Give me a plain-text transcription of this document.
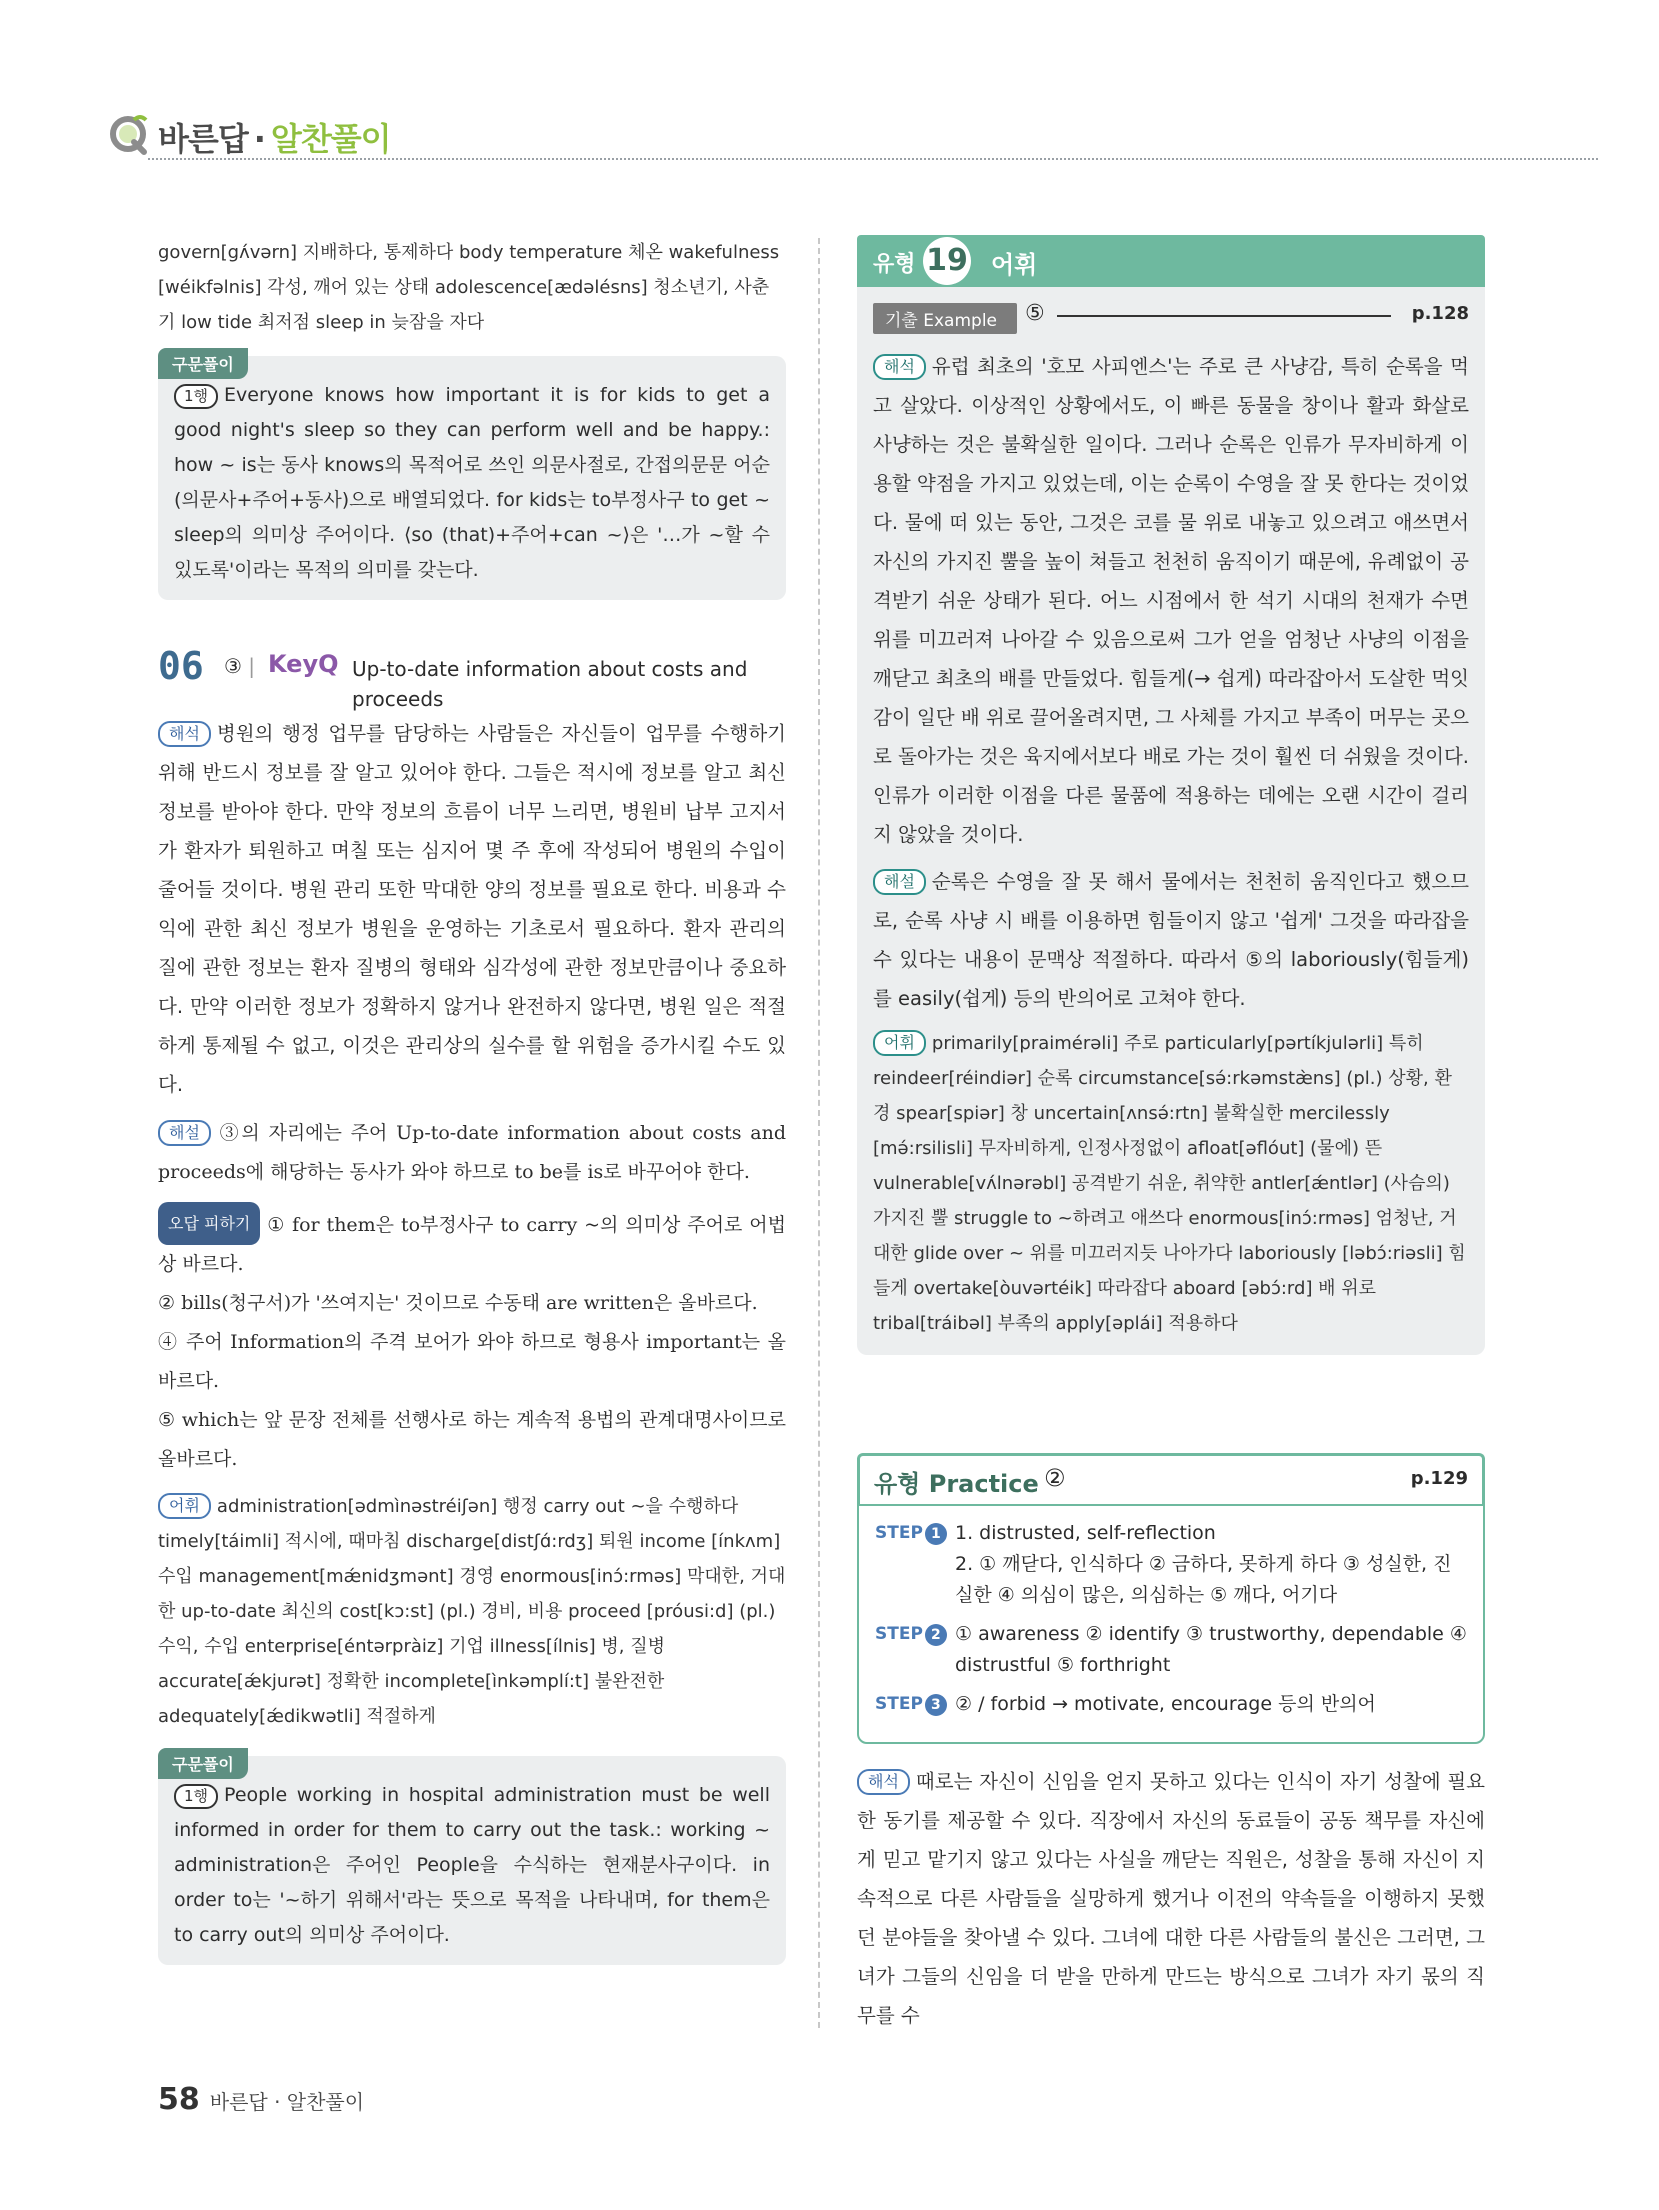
바른답 · 알찬풀이

govern[gʌ́vərn] 지배하다, 통제하다 body temperature 체온 wakefulness [wéikfəlnis] 각성, 깨어 있는 상태 adolescence[ӕdəlésns] 청소년기, 사춘기 low tide 최저점 sleep in 늦잠을 자다

구문풀이

1행 Everyone knows how important it is for kids to get a good night's sleep so they can perform well and be happy.: how ~ is는 동사 knows의 목적어로 쓰인 의문사절로, 간접의문문 어순(의문사+주어+동사)으로 배열되었다. for kids는 to부정사구 to get ~ sleep의 의미상 주어이다. ⟨so (that)+주어+can ~⟩은 '…가 ~할 수 있도록'이라는 목적의 의미를 갖는다.

06 ③ | KeyQ Up-to-date information about costs and proceeds

해석 병원의 행정 업무를 담당하는 사람들은 자신들이 업무를 수행하기 위해 반드시 정보를 잘 알고 있어야 한다. 그들은 적시에 정보를 알고 최신 정보를 받아야 한다. 만약 정보의 흐름이 너무 느리면, 병원비 납부 고지서가 환자가 퇴원하고 며칠 또는 심지어 몇 주 후에 작성되어 병원의 수입이 줄어들 것이다. 병원 관리 또한 막대한 양의 정보를 필요로 한다. 비용과 수익에 관한 최신 정보가 병원을 운영하는 기초로서 필요하다. 환자 관리의 질에 관한 정보는 환자 질병의 형태와 심각성에 관한 정보만큼이나 중요하다. 만약 이러한 정보가 정확하지 않거나 완전하지 않다면, 병원 일은 적절하게 통제될 수 없고, 이것은 관리상의 실수를 할 위험을 증가시킬 수도 있다.

해설 ③의 자리에는 주어 Up-to-date information about costs and proceeds에 해당하는 동사가 와야 하므로 to be를 is로 바꾸어야 한다.

오답 피하기 ① for them은 to부정사구 to carry ~의 의미상 주어로 어법상 바르다.

② bills(청구서)가 '쓰여지는' 것이므로 수동태 are written은 올바르다.

④ 주어 Information의 주격 보어가 와야 하므로 형용사 important는 올바르다.

⑤ which는 앞 문장 전체를 선행사로 하는 계속적 용법의 관계대명사이므로 올바르다.

어휘 administration[ədmìnəstréiʃən] 행정 carry out ~을 수행하다 timely[táimli] 적시에, 때마침 discharge[distʃɑ́:rdʒ] 퇴원 income [ínkʌm] 수입 management[mǽnidʒmənt] 경영 enormous[inɔ́:rməs] 막대한, 거대한 up-to-date 최신의 cost[kɔ:st] (pl.) 경비, 비용 proceed [próusi:d] (pl.) 수익, 수입 enterprise[éntərpràiz] 기업 illness[ílnis] 병, 질병 accurate[ǽkjurət] 정확한 incomplete[ìnkəmplí:t] 불완전한 adequately[ǽdikwətli] 적절하게

구문풀이

1행 People working in hospital administration must be well informed in order for them to carry out the task.: working ~ administration은 주어인 People을 수식하는 현재분사구이다. in order to는 '~하기 위해서'라는 뜻으로 목적을 나타내며, for them은 to carry out의 의미상 주어이다.

유형 19 어휘
기출 Example	⑤	p.128

해석 유럽 최초의 '호모 사피엔스'는 주로 큰 사냥감, 특히 순록을 먹고 살았다. 이상적인 상황에서도, 이 빠른 동물을 창이나 활과 화살로 사냥하는 것은 불확실한 일이다. 그러나 순록은 인류가 무자비하게 이용할 약점을 가지고 있었는데, 이는 순록이 수영을 잘 못 한다는 것이었다. 물에 떠 있는 동안, 그것은 코를 물 위로 내놓고 있으려고 애쓰면서 자신의 가지진 뿔을 높이 쳐들고 천천히 움직이기 때문에, 유례없이 공격받기 쉬운 상태가 된다. 어느 시점에서 한 석기 시대의 천재가 수면 위를 미끄러져 나아갈 수 있음으로써 그가 얻을 엄청난 사냥의 이점을 깨닫고 최초의 배를 만들었다. 힘들게(→ 쉽게) 따라잡아서 도살한 먹잇감이 일단 배 위로 끌어올려지면, 그 사체를 가지고 부족이 머무는 곳으로 돌아가는 것은 육지에서보다 배로 가는 것이 훨씬 더 쉬웠을 것이다. 인류가 이러한 이점을 다른 물품에 적용하는 데에는 오랜 시간이 걸리지 않았을 것이다.

해설 순록은 수영을 잘 못 해서 물에서는 천천히 움직인다고 했으므로, 순록 사냥 시 배를 이용하면 힘들이지 않고 '쉽게' 그것을 따라잡을 수 있다는 내용이 문맥상 적절하다. 따라서 ⑤의 laboriously(힘들게)를 easily(쉽게) 등의 반의어로 고쳐야 한다.

어휘 primarily[praimérəli] 주로 particularly[pərtíkjulərli] 특히 reindeer[réindiər] 순록 circumstance[sə́:rkəmstæ̀ns] (pl.) 상황, 환경 spear[spiər] 창 uncertain[ʌnsə́:rtn] 불확실한 mercilessly [mə́:rsilisli] 무자비하게, 인정사정없이 afloat[əflóut] (물에) 뜬 vulnerable[vʌ́lnərəbl] 공격받기 쉬운, 취약한 antler[ǽntlər] (사슴의) 가지진 뿔 struggle to ~하려고 애쓰다 enormous[inɔ́:rməs] 엄청난, 거대한 glide over ~ 위를 미끄러지듯 나아가다 laboriously [ləbɔ́:riəsli] 힘들게 overtake[òuvərtéik] 따라잡다 aboard [əbɔ́:rd] 배 위로 tribal[tráibəl] 부족의 apply[əplái] 적용하다

유형 Practice ②	p.129
STEP 1 1. distrusted, self-reflection
2. ① 깨닫다, 인식하다 ② 금하다, 못하게 하다 ③ 성실한, 진실한 ④ 의심이 많은, 의심하는 ⑤ 깨다, 어기다
STEP 2 ① awareness ② identify ③ trustworthy, dependable ④ distrustful ⑤ forthright
STEP 3 ② / forbid → motivate, encourage 등의 반의어

해석 때로는 자신이 신임을 얻지 못하고 있다는 인식이 자기 성찰에 필요한 동기를 제공할 수 있다. 직장에서 자신의 동료들이 공동 책무를 자신에게 믿고 맡기지 않고 있다는 사실을 깨닫는 직원은, 성찰을 통해 자신이 지속적으로 다른 사람들을 실망하게 했거나 이전의 약속들을 이행하지 못했던 분야들을 찾아낼 수 있다. 그녀에 대한 다른 사람들의 불신은 그러면, 그녀가 그들의 신임을 더 받을 만하게 만드는 방식으로 그녀가 자기 몫의 직무를 수

58 바른답 · 알찬풀이
